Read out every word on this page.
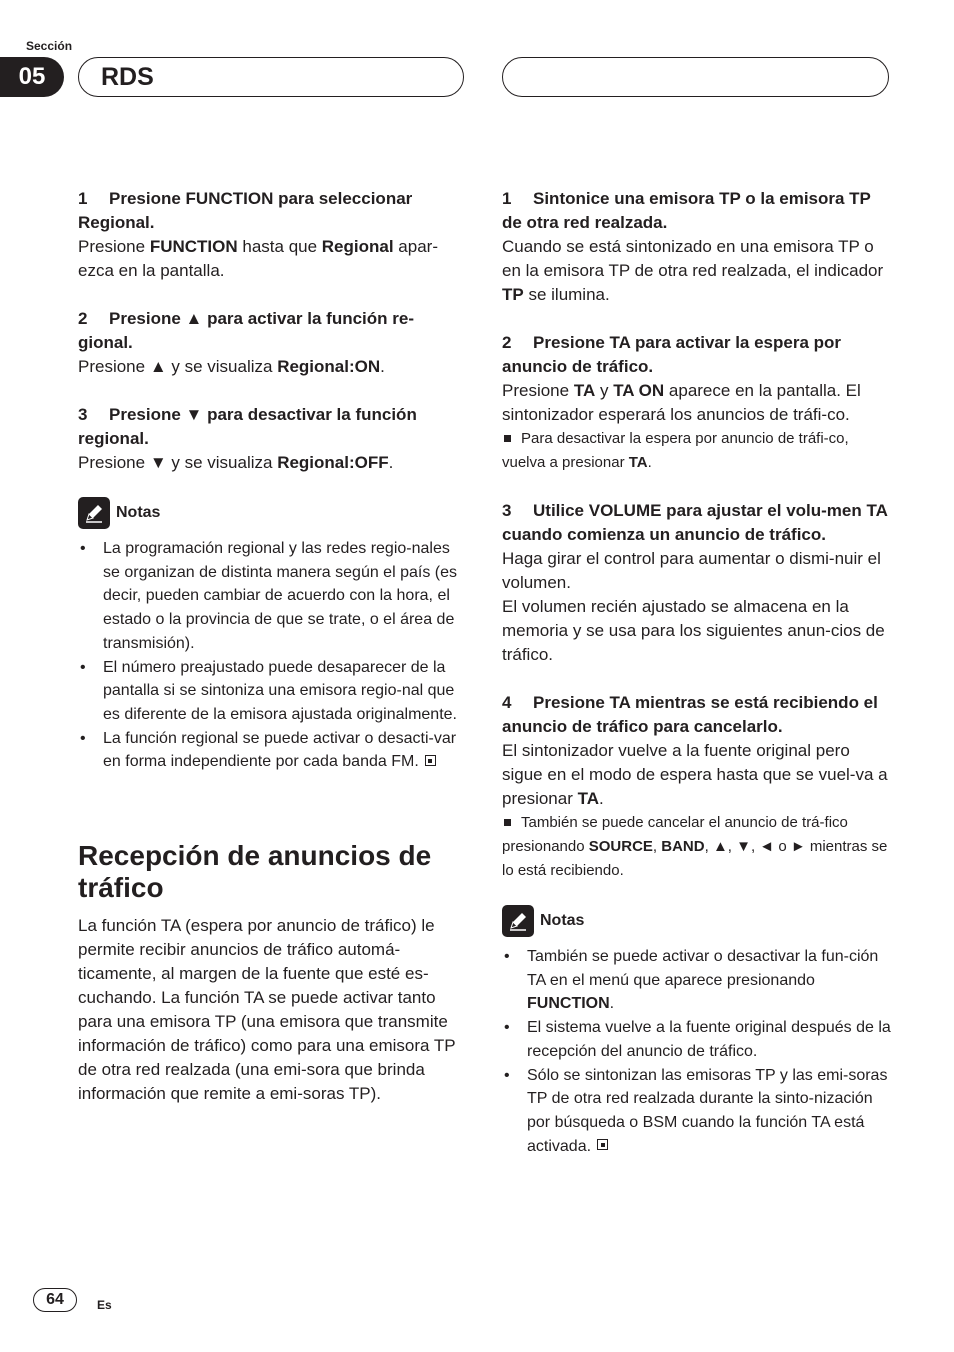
Sección
05	RDS
1 Presione FUNCTION para seleccionar Regional.
Presione FUNCTION hasta que Regional apar-ezca en la pantalla.
2 Presione ▲ para activar la función re-gional.
Presione ▲ y se visualiza Regional:ON.
3 Presione ▼ para desactivar la función regional.
Presione ▼ y se visualiza Regional:OFF.
Notas
• La programación regional y las redes regio-nales se organizan de distinta manera según el país (es decir, pueden cambiar de acuerdo con la hora, el estado o la provincia de que se trate, o el área de transmisión).
• El número preajustado puede desaparecer de la pantalla si se sintoniza una emisora regio-nal que es diferente de la emisora ajustada originalmente.
• La función regional se puede activar o desacti-var en forma independiente por cada banda FM.
Recepción de anuncios de tráfico
La función TA (espera por anuncio de tráfico) le permite recibir anuncios de tráfico automá-ticamente, al margen de la fuente que esté es-cuchando. La función TA se puede activar tanto para una emisora TP (una emisora que transmite información de tráfico) como para una emisora TP de otra red realzada (una emi-sora que brinda información que remite a emi-soras TP).
1 Sintonice una emisora TP o la emisora TP de otra red realzada.
Cuando se está sintonizado en una emisora TP o en la emisora TP de otra red realzada, el indicador TP se ilumina.
2 Presione TA para activar la espera por anuncio de tráfico.
Presione TA y TA ON aparece en la pantalla. El sintonizador esperará los anuncios de tráfi-co.
Para desactivar la espera por anuncio de tráfi-co, vuelva a presionar TA.
3 Utilice VOLUME para ajustar el volu-men TA cuando comienza un anuncio de tráfico.
Haga girar el control para aumentar o dismi-nuir el volumen.
El volumen recién ajustado se almacena en la memoria y se usa para los siguientes anun-cios de tráfico.
4 Presione TA mientras se está recibiendo el anuncio de tráfico para cancelarlo.
El sintonizador vuelve a la fuente original pero sigue en el modo de espera hasta que se vuel-va a presionar TA.
También se puede cancelar el anuncio de trá-fico presionando SOURCE, BAND, ▲, ▼, ◄ o ► mientras se lo está recibiendo.
Notas
• También se puede activar o desactivar la fun-ción TA en el menú que aparece presionando FUNCTION.
• El sistema vuelve a la fuente original después de la recepción del anuncio de tráfico.
• Sólo se sintonizan las emisoras TP y las emi-soras TP de otra red realzada durante la sinto-nización por búsqueda o BSM cuando la función TA está activada.
64	Es
